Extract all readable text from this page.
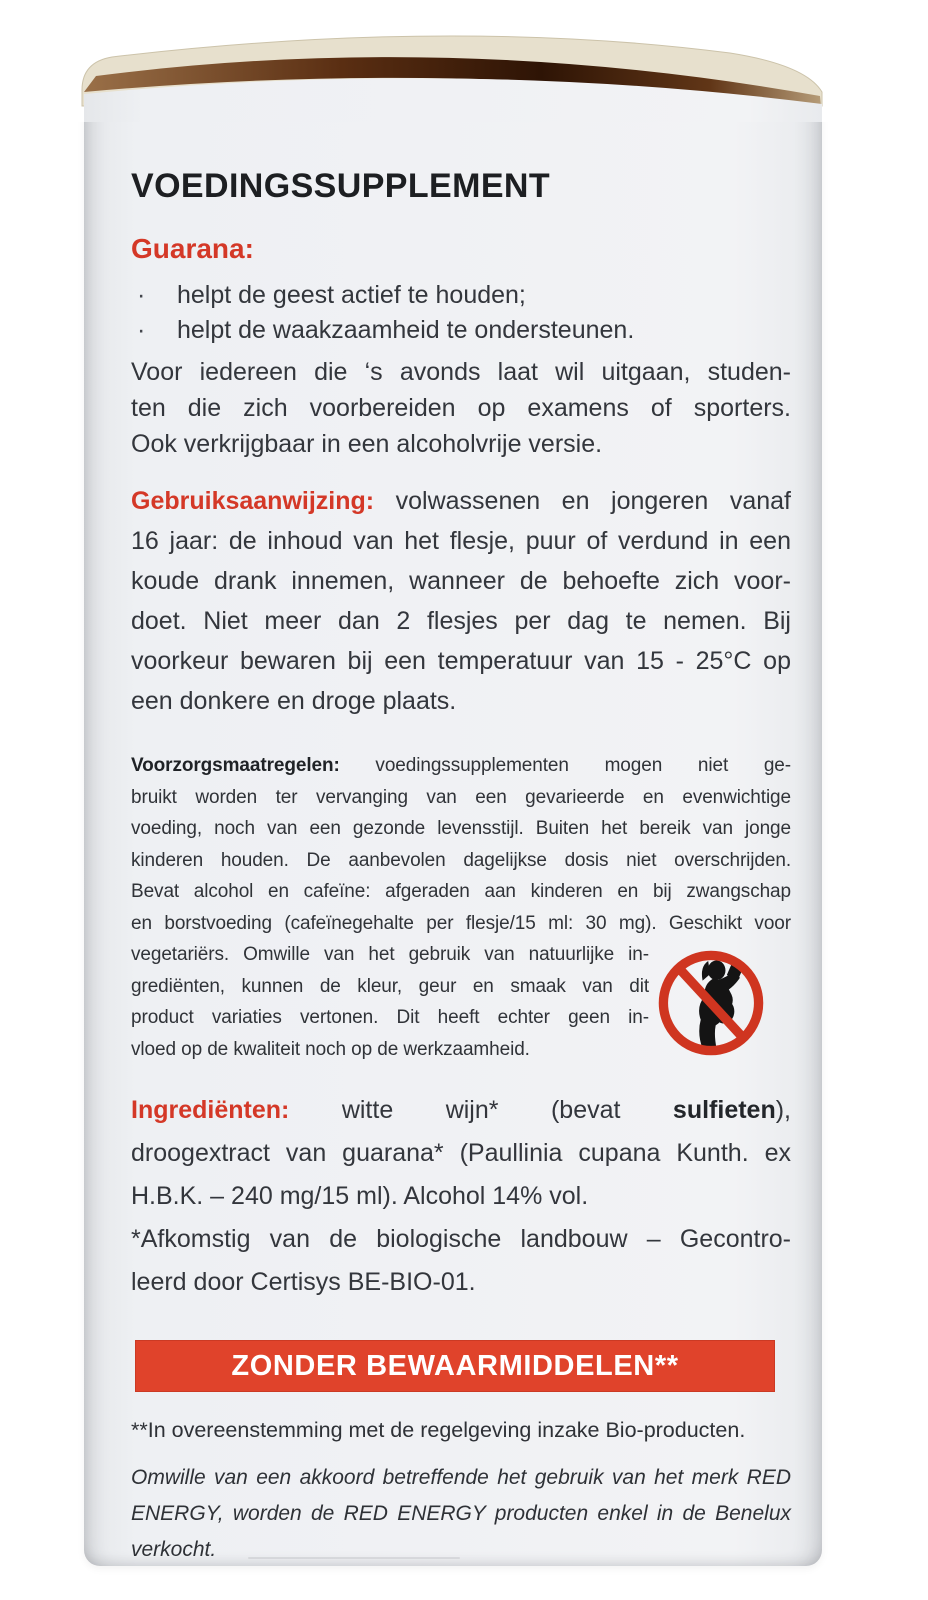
VOEDINGSSUPPLEMENT
Guarana:
·	helpt de geest actief te houden;
·	helpt de waakzaamheid te ondersteunen.
Voor iedereen die ‘s avonds laat wil uitgaan, studen-
ten die zich voorbereiden op examens of sporters.
Ook verkrijgbaar in een alcoholvrije versie.
Gebruiksaanwijzing: volwassenen en jongeren vanaf
16 jaar: de inhoud van het flesje, puur of verdund in een
koude drank innemen, wanneer de behoefte zich voor-
doet. Niet meer dan 2 flesjes per dag te nemen. Bij
voorkeur bewaren bij een temperatuur van 15 - 25°C op
een donkere en droge plaats.
Voorzorgsmaatregelen: voedingssupplementen mogen niet ge-
bruikt worden ter vervanging van een gevarieerde en evenwichtige
voeding, noch van een gezonde levensstijl. Buiten het bereik van jonge
kinderen houden. De aanbevolen dagelijkse dosis niet overschrijden.
Bevat alcohol en cafeïne: afgeraden aan kinderen en bij zwangschap
en borstvoeding (cafeïnegehalte per flesje/15 ml: 30 mg). Geschikt voor
vegetariërs. Omwille van het gebruik van natuurlijke in-
grediënten, kunnen de kleur, geur en smaak van dit
product variaties vertonen. Dit heeft echter geen in-
vloed op de kwaliteit noch op de werkzaamheid.
Ingrediënten: witte wijn* (bevat sulfieten),
droogextract van guarana* (Paullinia cupana Kunth. ex
H.B.K. – 240 mg/15 ml). Alcohol 14% vol.
*Afkomstig van de biologische landbouw – Gecontro-
leerd door Certisys BE-BIO-01.
ZONDER BEWAARMIDDELEN**
**In overeenstemming met de regelgeving inzake Bio-producten.
Omwille van een akkoord betreffende het gebruik van het merk RED
ENERGY, worden de RED ENERGY producten enkel in de Benelux
verkocht.
